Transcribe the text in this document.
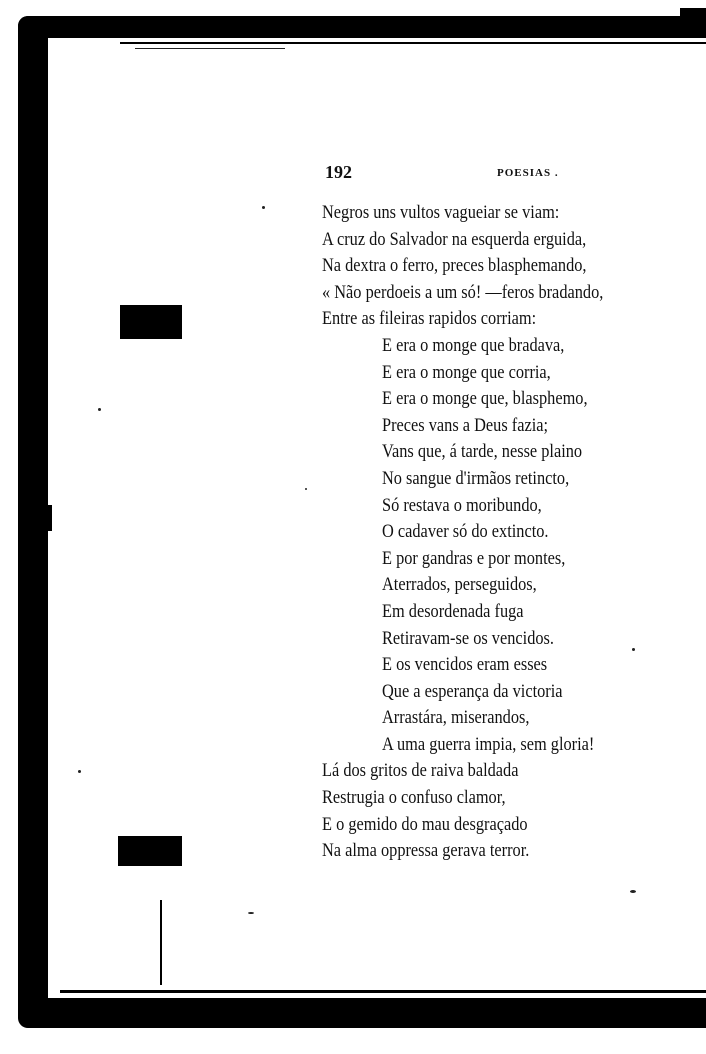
192	POESIAS .
Negros uns vultos vagueiar se viam:
A cruz do Salvador na esquerda erguida,
Na dextra o ferro, preces blasphemando,
« Não perdoeis a um só! —feros bradando,
Entre as fileiras rapidos corriam:
E era o monge que bradava,
E era o monge que corria,
E era o monge que, blasphemo,
Preces vans a Deus fazia;
Vans que, á tarde, nesse plaino
No sangue d'irmãos retincto,
Só restava o moribundo,
O cadaver só do extincto.
E por gandras e por montes,
Aterrados, perseguidos,
Em desordenada fuga
Retiravam-se os vencidos.
E os vencidos eram esses
Que a esperança da victoria
Arrastára, miserandos,
A uma guerra impia, sem gloria!
Lá dos gritos de raiva baldada
Restrugia o confuso clamor,
E o gemido do mau desgraçado
Na alma oppressa gerava terror.
